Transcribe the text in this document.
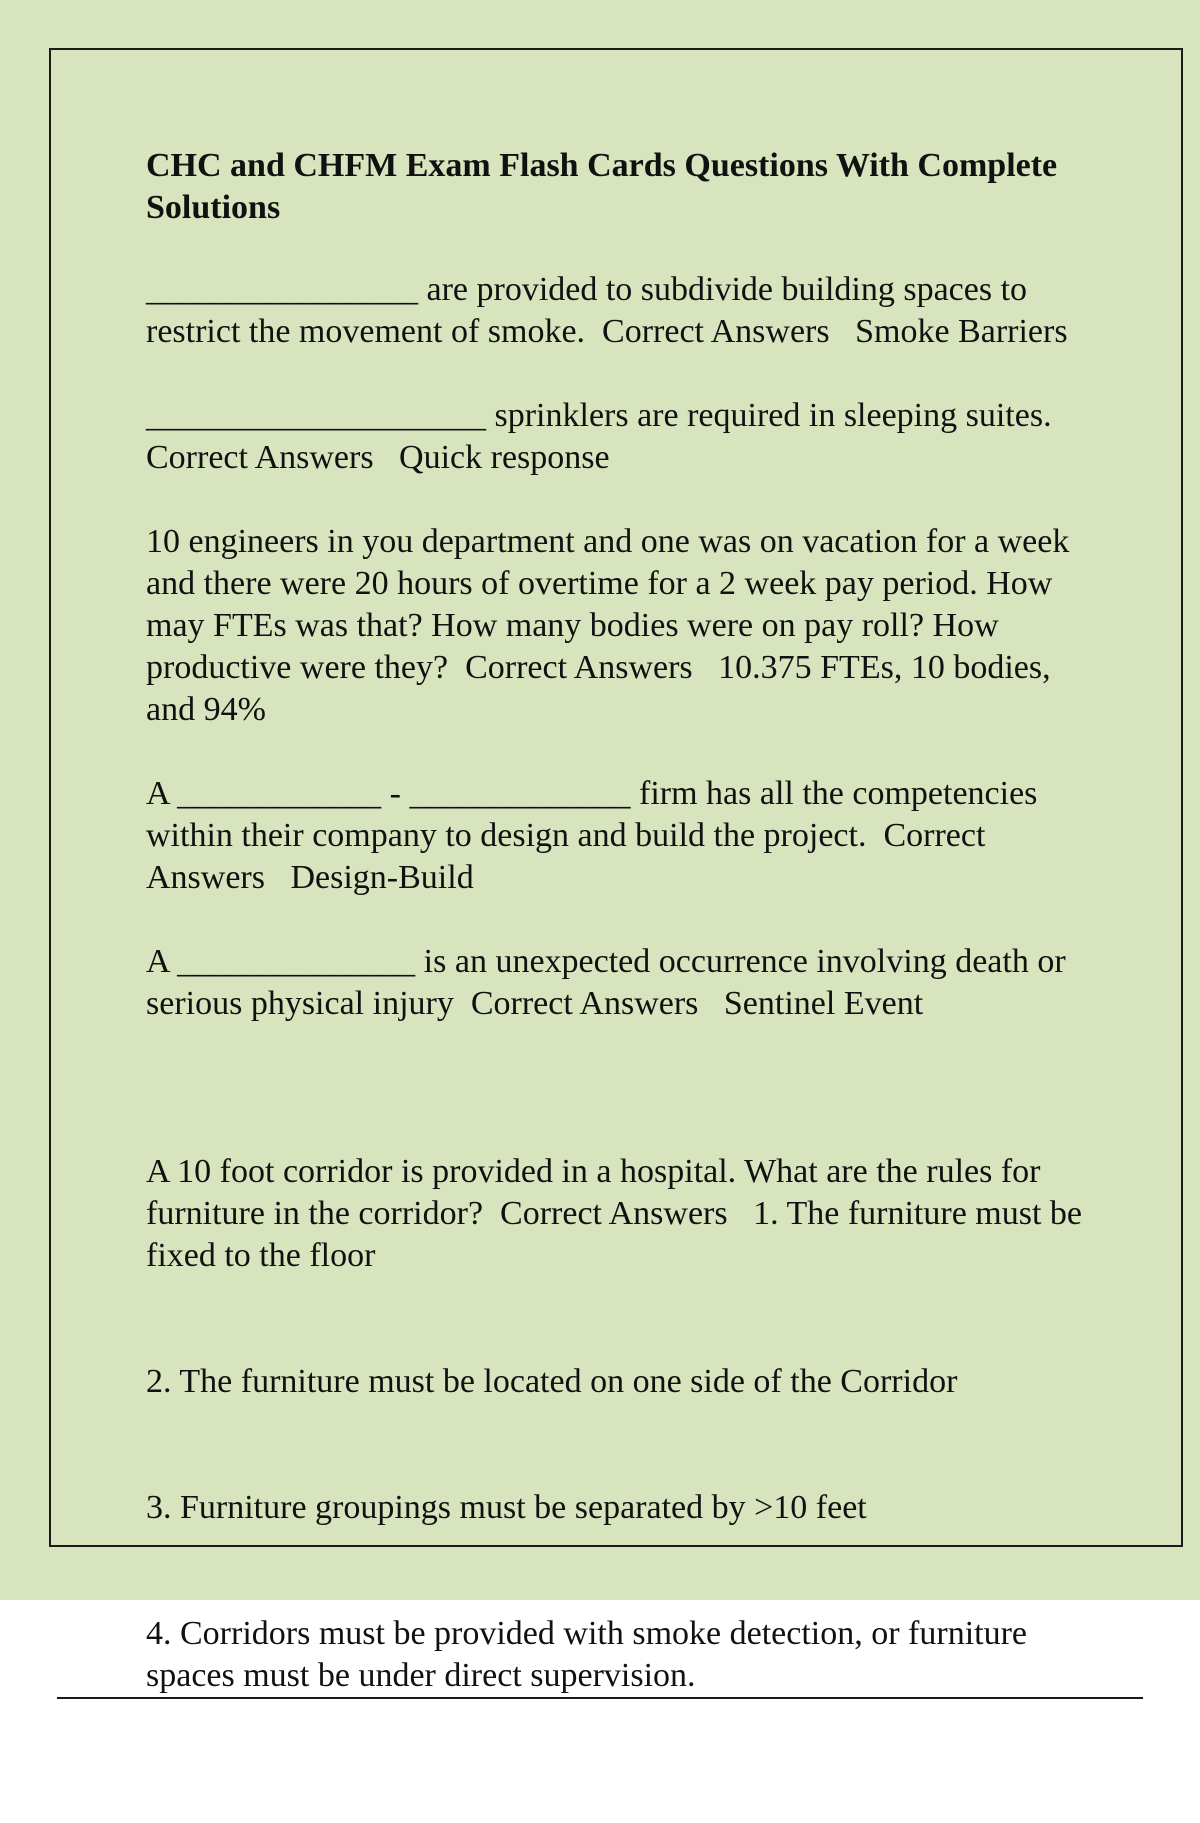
CHC and CHFM Exam Flash Cards Questions With Complete Solutions

________________ are provided to subdivide building spaces to restrict the movement of smoke.  Correct Answers   Smoke Barriers

____________________ sprinklers are required in sleeping suites.  Correct Answers   Quick response

10 engineers in you department and one was on vacation for a week and there were 20 hours of overtime for a 2 week pay period. How may FTEs was that? How many bodies were on pay roll? How productive were they?  Correct Answers   10.375 FTEs, 10 bodies, and 94%

A ____________ - _____________ firm has all the competencies within their company to design and build the project.  Correct Answers   Design-Build

A ______________ is an unexpected occurrence involving death or serious physical injury  Correct Answers   Sentinel Event

A 10 foot corridor is provided in a hospital. What are the rules for furniture in the corridor?  Correct Answers   1. The furniture must be fixed to the floor

2. The furniture must be located on one side of the Corridor

3. Furniture groupings must be separated by >10 feet

4. Corridors must be provided with smoke detection, or furniture spaces must be under direct supervision.
